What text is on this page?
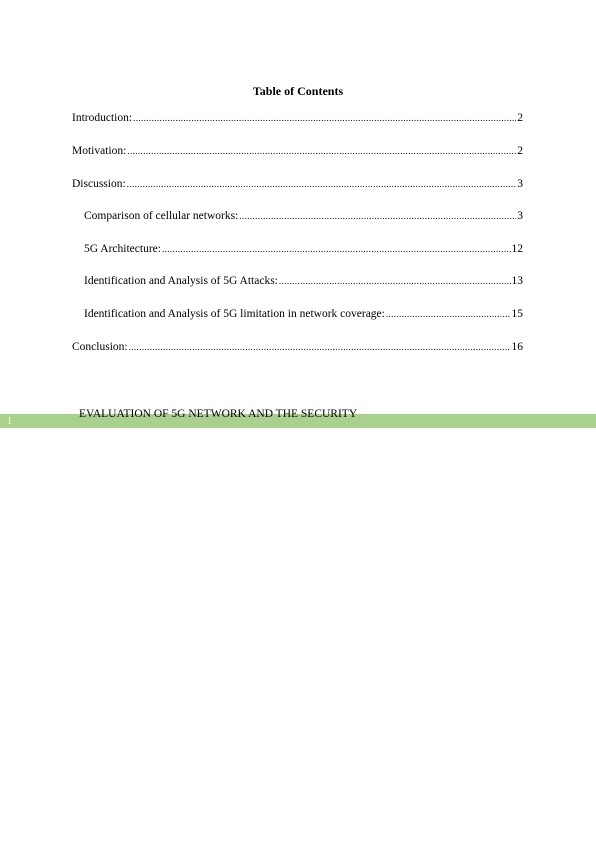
Table of Contents
Introduction: .....	2
Motivation: .....	2
Discussion: .....	3
Comparison of cellular networks: .....	3
5G Architecture: .....	12
Identification and Analysis of 5G Attacks: .....	13
Identification and Analysis of 5G limitation in network coverage: .....	15
Conclusion: .....	16
EVALUATION OF 5G NETWORK AND THE SECURITY
1
